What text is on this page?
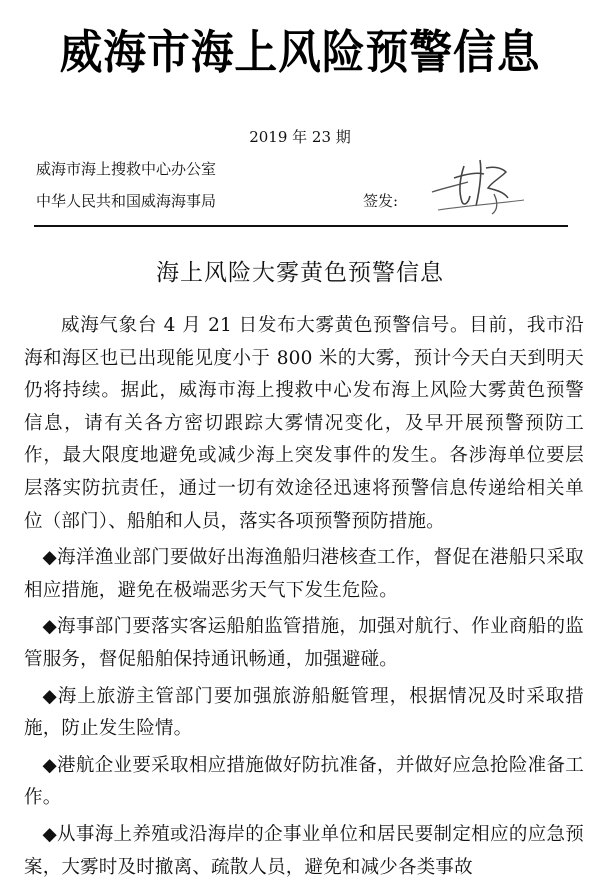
威海市海上风险预警信息
2019 年 23 期
威海市海上搜救中心办公室
中华人民共和国威海海事局	签发:
海上风险大雾黄色预警信息

威海气象台 4 月 21 日发布大雾黄色预警信号。目前，我市沿海和海区也已出现能见度小于 800 米的大雾，预计今天白天到明天仍将持续。据此，威海市海上搜救中心发布海上风险大雾黄色预警信息，请有关各方密切跟踪大雾情况变化，及早开展预警预防工作，最大限度地避免或减少海上突发事件的发生。各涉海单位要层层落实防抗责任，通过一切有效途径迅速将预警信息传递给相关单位（部门）、船舶和人员，落实各项预警预防措施。

◆海洋渔业部门要做好出海渔船归港核查工作，督促在港船只采取相应措施，避免在极端恶劣天气下发生危险。

◆海事部门要落实客运船舶监管措施，加强对航行、作业商船的监管服务，督促船舶保持通讯畅通，加强避碰。

◆海上旅游主管部门要加强旅游船艇管理，根据情况及时采取措施，防止发生险情。

◆港航企业要采取相应措施做好防抗准备，并做好应急抢险准备工作。

◆从事海上养殖或沿海岸的企事业单位和居民要制定相应的应急预案，大雾时及时撤离、疏散人员，避免和减少各类事故
